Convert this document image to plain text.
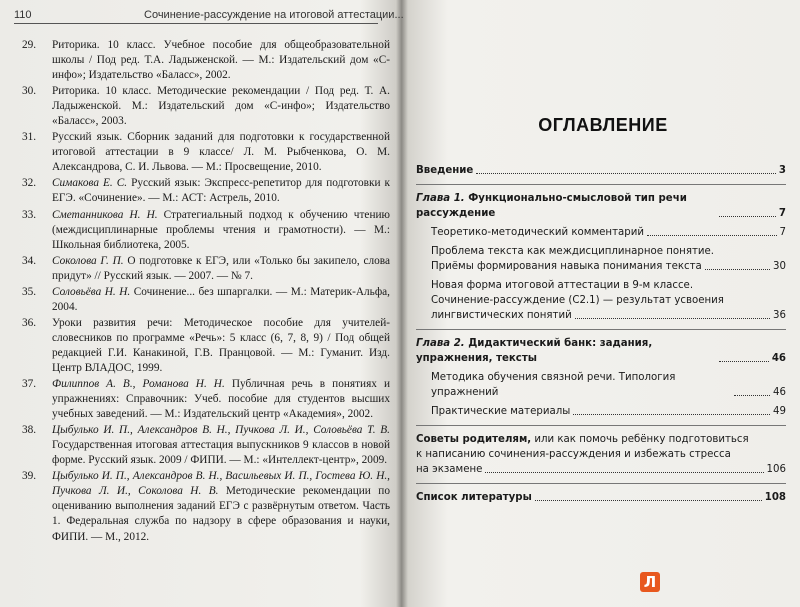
110	Сочинение-рассуждение на итоговой аттестации...
29.	Риторика. 10 класс. Учебное пособие для общеобразовательной школы / Под ред. Т.А. Ладыженской. — М.: Издательский дом «С-инфо»; Издательство «Баласс», 2002.
30.	Риторика. 10 класс. Методические рекомендации / Под ред. Т. А. Ладыженской. М.: Издательский дом «С-инфо»; Издательство «Баласс», 2003.
31.	Русский язык. Сборник заданий для подготовки к государственной итоговой аттестации в 9 классе/ Л. М. Рыбченкова, О. М. Александрова, С. И. Львова. — М.: Просвещение, 2010.
32.	Симакова Е. С. Русский язык: Экспресс-репетитор для подготовки к ЕГЭ. «Сочинение». — М.: АСТ: Астрель, 2010.
33.	Сметанникова Н. Н. Стратегиальный подход к обучению чтению (междисциплинарные проблемы чтения и грамотности). — М.: Школьная библиотека, 2005.
34.	Соколова Г. П. О подготовке к ЕГЭ, или «Только бы закипело, слова придут» // Русский язык. — 2007. — № 7.
35.	Соловьёва Н. Н. Сочинение... без шпаргалки. — М.: Материк-Альфа, 2004.
36.	Уроки развития речи: Методическое пособие для учителей-словесников по программе «Речь»: 5 класс (6, 7, 8, 9) / Под общей редакцией Г.И. Канакиной, Г.В. Пранцовой. — М.: Гуманит. Изд. Центр ВЛАДОС, 1999.
37.	Филиппов А. В., Романова Н. Н. Публичная речь в понятиях и упражнениях: Справочник: Учеб. пособие для студентов высших учебных заведений. — М.: Издательский центр «Академия», 2002.
38.	Цыбулько И. П., Александров В. Н., Пучкова Л. И., Соловьёва Т. В. Государственная итоговая аттестация выпускников 9 классов в новой форме. Русский язык. 2009 / ФИПИ. — М.: «Интеллект-центр», 2009.
39.	Цыбулько И. П., Александров В. Н., Васильевых И. П., Гостева Ю. Н., Пучкова Л. И., Соколова Н. В. Методические рекомендации по оцениванию выполнения заданий ЕГЭ с развёрнутым ответом. Часть 1. Федеральная служба по надзору в сфере образования и науки, ФИПИ. — М., 2012.
ОГЛАВЛЕНИЕ
Введение	3
Глава 1. Функционально-смысловой тип речи рассуждение	7
Теоретико-методический комментарий	7
Проблема текста как междисциплинарное понятие.
Приёмы формирования навыка понимания текста	30
Новая форма итоговой аттестации в 9-м классе.
Сочинение-рассуждение (С2.1) — результат усвоения
лингвистических понятий	36
Глава 2. Дидактический банк: задания, упражнения, тексты	46
Методика обучения связной речи. Типология упражнений	46
Практические материалы	49
Советы родителям, или как помочь ребёнку подготовиться
к написанию сочинения-рассуждения и избежать стресса
на экзамене	106
Список литературы	108
Л
